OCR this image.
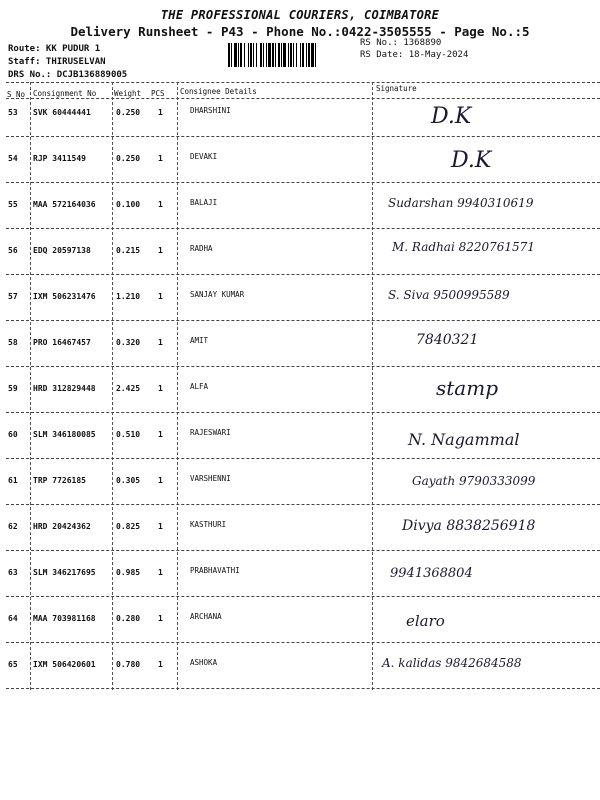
THE PROFESSIONAL COURIERS, COIMBATORE
Delivery Runsheet - P43 - Phone No.:0422-3505555 - Page No.:5
Route: KK PUDUR 1
Staff: THIRUSELVAN
DRS No.: DCJB136889005
RS No.: 1368890
RS Date: 18-May-2024
S No Consignment No Weight PCS Consignee Details	Signature
53 SVK 60444441	0.250 1	DHARSHINI	D.K
54 RJP 3411549	0.250 1	DEVAKI	D.K
55 MAA 572164036	0.100 1	BALAJI	Sudarshan 9940310619
56 EDQ 20597138	0.215 1	RADHA	M. Radhai 8220761571
57 IXM 506231476	1.210 1	SANJAY KUMAR	S. Siva 9500995589
58 PRO 16467457	0.320 1	AMIT	7840321
59 HRD 312829448	2.425 1	ALFA	stamp
60 SLM 346180085	0.510 1	RAJESWARI	N. Nagammal
61 TRP 7726185	0.305 1	VARSHENNI	Gayath 9790333099
62 HRD 20424362	0.825 1	KASTHURI	Divya 8838256918
63 SLM 346217695	0.985 1	PRABHAVATHI	9941368804
64 MAA 703981168	0.280 1	ARCHANA	elaro
65 IXM 506420601	0.780 1	ASHOKA	A. kalidas 9842684588
